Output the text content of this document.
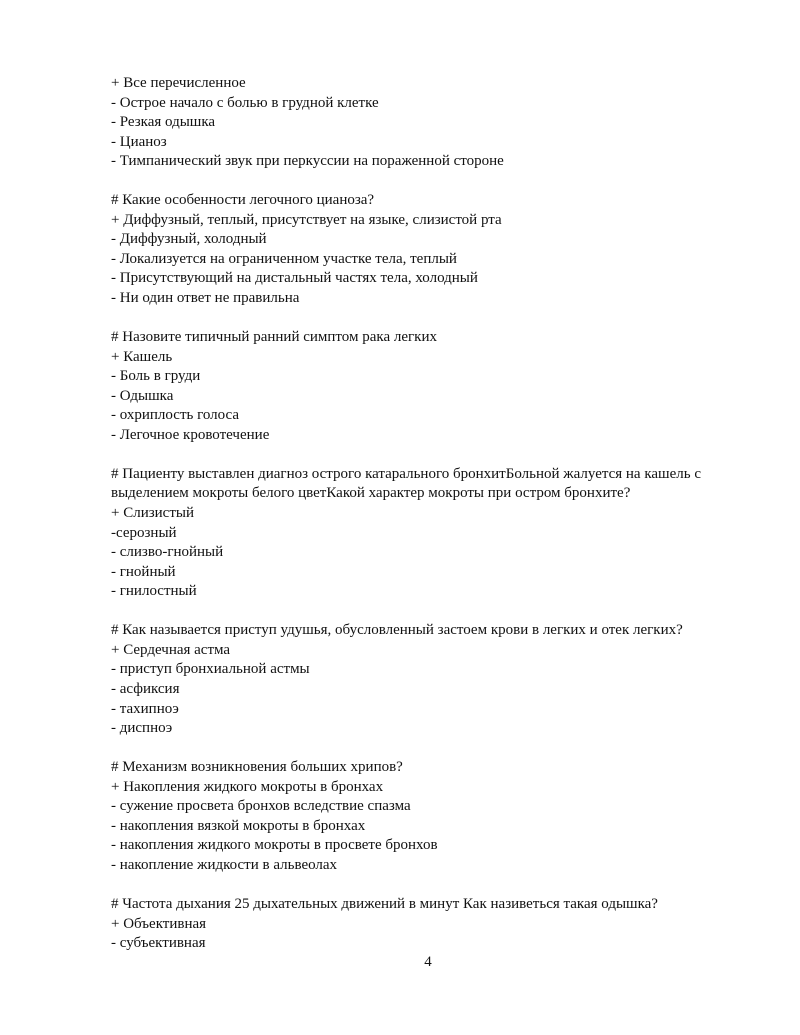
+ Все перечисленное
- Острое начало с болью в грудной клетке
- Резкая одышка
- Цианоз
- Тимпанический звук при перкуссии на пораженной стороне
# Какие особенности легочного цианоза?
+ Диффузный, теплый, присутствует на языке, слизистой рта
- Диффузный, холодный
- Локализуется на ограниченном участке тела, теплый
- Присутствующий на дистальный частях тела, холодный
- Ни один ответ не правильна
# Назовите типичный ранний симптом рака легких
+ Кашель
- Боль в груди
- Одышка
- охриплость голоса
- Легочное кровотечение
# Пациенту выставлен диагноз острого катарального бронхитБольной жалуется на кашель с выделением мокроты белого цветКакой характер мокроты при остром бронхите?
+ Слизистый
-серозный
- слизво-гнойный
- гнойный
- гнилостный
# Как называется приступ удушья, обусловленный застоем крови в легких и отек легких?
+ Сердечная астма
- приступ бронхиальной астмы
- асфиксия
- тахипноэ
- диспноэ
# Механизм возникновения больших хрипов?
+ Накопления жидкого мокроты в бронхах
- сужение просвета бронхов вследствие спазма
- накопления вязкой мокроты в бронхах
- накопления жидкого мокроты в просвете бронхов
- накопление жидкости в альвеолах
# Частота дыхания 25 дыхательных движений в минут Как називеться такая одышка?
+ Объективная
- субъективная
4
